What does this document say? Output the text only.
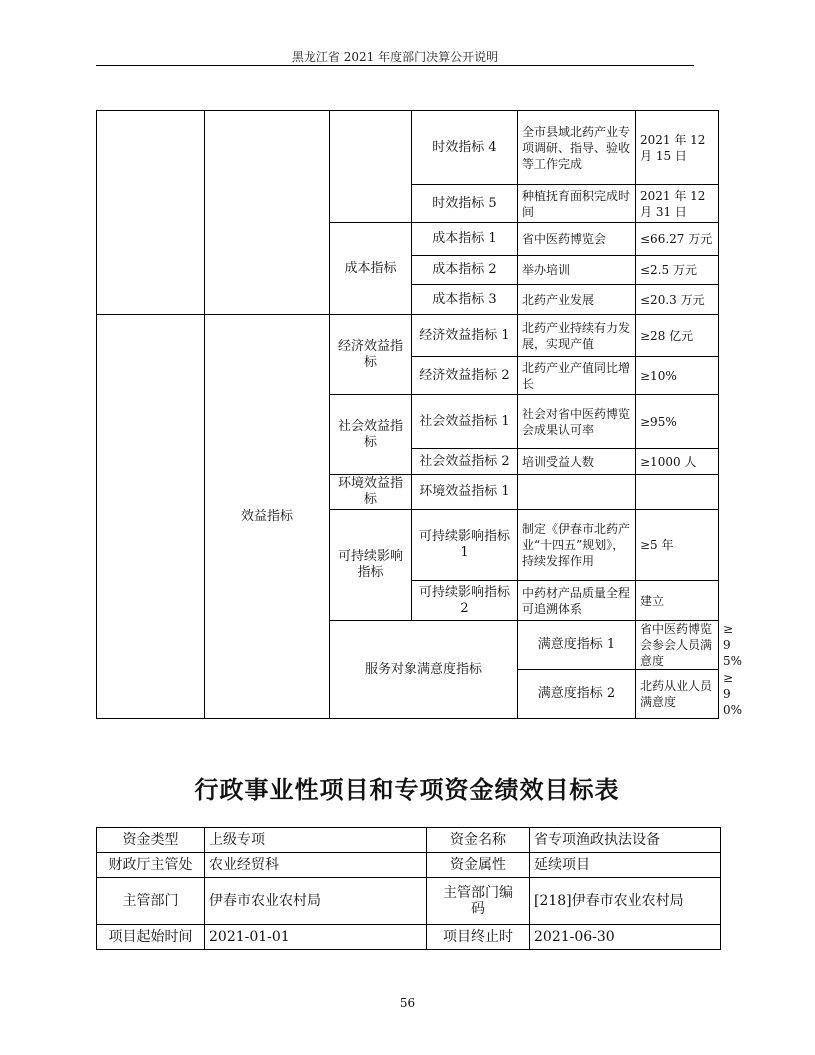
黑龙江省 2021 年度部门决算公开说明
			时效指标 4	全市县域北药产业专项调研、指导、验收等工作完成	2021 年 12 月 15 日	
			时效指标 5	种植抚育面积完成时间	2021 年 12 月 31 日	
		成本指标	成本指标 1	省中医药博览会	≤66.27 万元	
			成本指标 2	举办培训	≤2.5 万元	
			成本指标 3	北药产业发展	≤20.3 万元	
	效益指标	经济效益指标	经济效益指标 1	北药产业持续有力发展，实现产值	≥28 亿元	
			经济效益指标 2	北药产业产值同比增长	≥10%	
		社会效益指标	社会效益指标 1	社会对省中医药博览会成果认可率	≥95%	
			社会效益指标 2	培训受益人数	≥1000 人	
		环境效益指标	环境效益指标 1			
		可持续影响指标	可持续影响指标 1	制定《伊春市北药产业“十四五”规划》，持续发挥作用	≥5 年	
			可持续影响指标 2	中药材产品质量全程可追溯体系	建立	
		服务对象满意度指标		满意度指标 1	省中医药博览会参会人员满意度	≥95%
				满意度指标 2	北药从业人员满意度	≥90%
行政事业性项目和专项资金绩效目标表
资金类型	上级专项	资金名称	省专项渔政执法设备
财政厅主管处	农业经贸科	资金属性	延续项目
主管部门	伊春市农业农村局	主管部门编码	[218]伊春市农业农村局
项目起始时间	2021-01-01	项目终止时	2021-06-30
56
